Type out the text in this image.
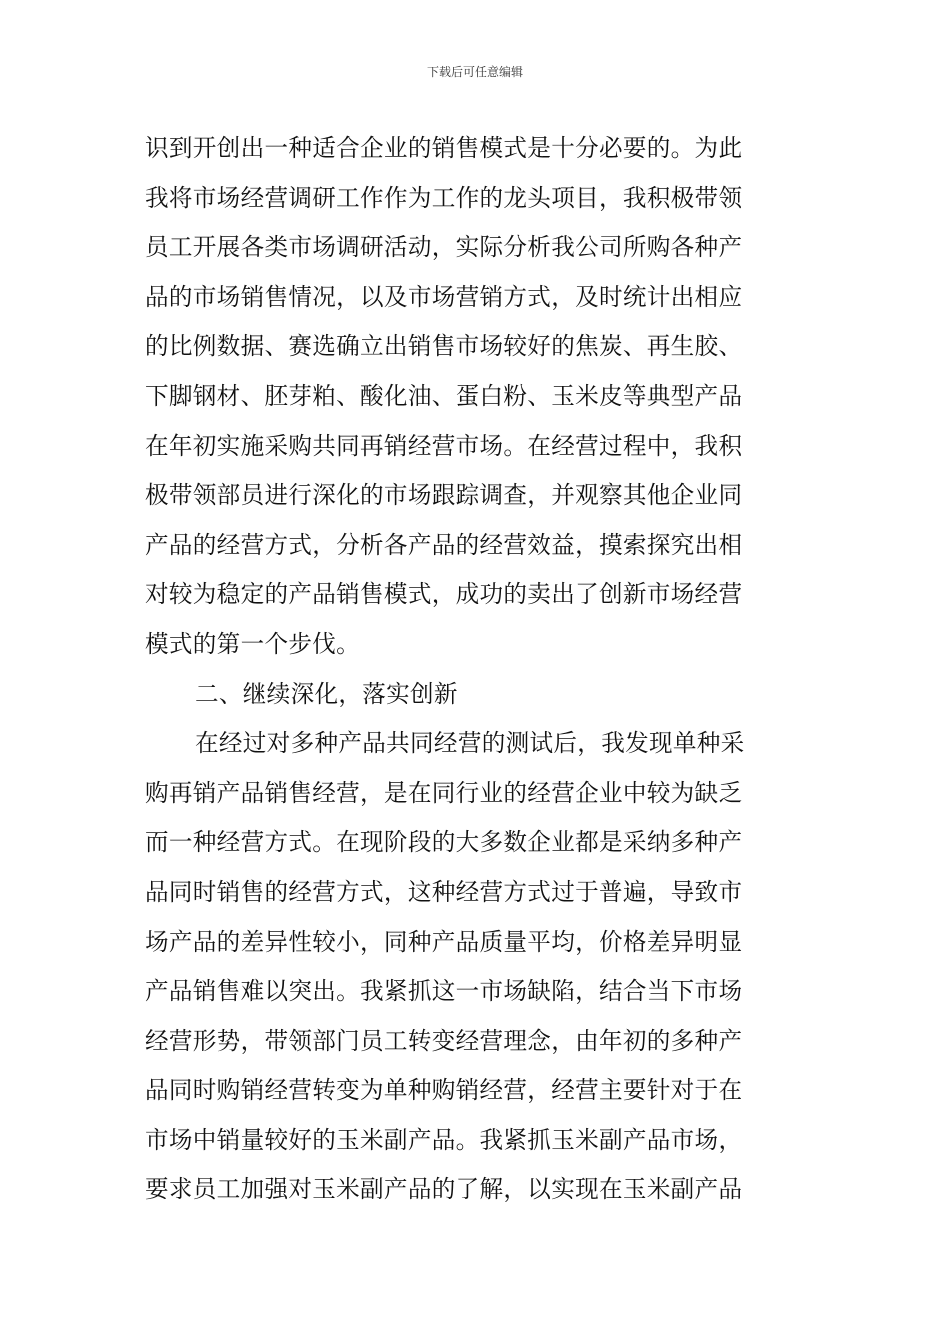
下载后可任意编辑
识到开创出一种适合企业的销售模式是十分必要的。为此
我将市场经营调研工作作为工作的龙头项目，我积极带领
员工开展各类市场调研活动，实际分析我公司所购各种产
品的市场销售情况，以及市场营销方式，及时统计出相应
的比例数据、赛选确立出销售市场较好的焦炭、再生胶、
下脚钢材、胚芽粕、酸化油、蛋白粉、玉米皮等典型产品
在年初实施采购共同再销经营市场。在经营过程中，我积
极带领部员进行深化的市场跟踪调查，并观察其他企业同
产品的经营方式，分析各产品的经营效益，摸索探究出相
对较为稳定的产品销售模式，成功的卖出了创新市场经营
模式的第一个步伐。
二、继续深化，落实创新
在经过对多种产品共同经营的测试后，我发现单种采
购再销产品销售经营，是在同行业的经营企业中较为缺乏
而一种经营方式。在现阶段的大多数企业都是采纳多种产
品同时销售的经营方式，这种经营方式过于普遍，导致市
场产品的差异性较小，同种产品质量平均，价格差异明显
产品销售难以突出。我紧抓这一市场缺陷，结合当下市场
经营形势，带领部门员工转变经营理念，由年初的多种产
品同时购销经营转变为单种购销经营，经营主要针对于在
市场中销量较好的玉米副产品。我紧抓玉米副产品市场，
要求员工加强对玉米副产品的了解，以实现在玉米副产品
